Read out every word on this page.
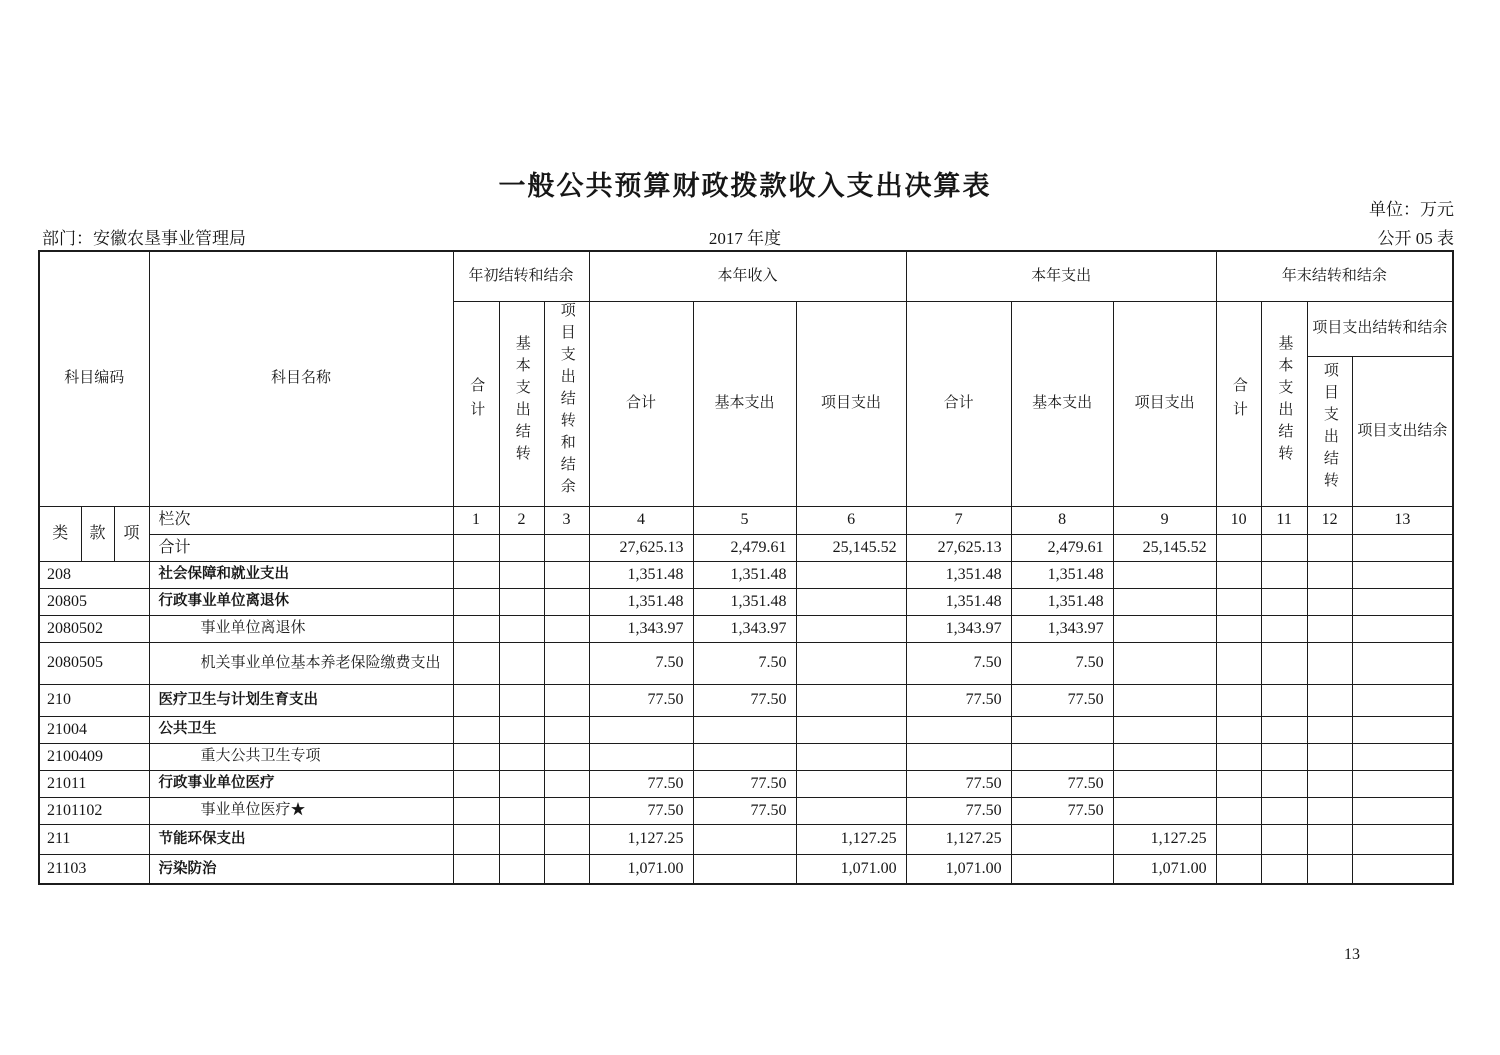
一般公共预算财政拨款收入支出决算表
单位：万元
部门：安徽农垦事业管理局	2017 年度	公开 05 表
13
科目编码			科目名称	年初结转和结余			本年收入			本年支出			年末结转和结余			
				合计	基本支出结转	项目支出结转和结余	合计	基本支出	项目支出	合计	基本支出	项目支出	合计	基本支出结转	项目支出结转和结余	
															项目支出结转	项目支出结余
类	款	项	栏次	1	2	3	4	5	6	7	8	9	10	11	12	13
			合计				27,625.13	2,479.61	25,145.52	27,625.13	2,479.61	25,145.52				
208			社会保障和就业支出				1,351.48	1,351.48		1,351.48	1,351.48					
20805			行政事业单位离退休				1,351.48	1,351.48		1,351.48	1,351.48					
2080502			事业单位离退休				1,343.97	1,343.97		1,343.97	1,343.97					
2080505			机关事业单位基本养老保险缴费支出				7.50	7.50		7.50	7.50					
210			医疗卫生与计划生育支出				77.50	77.50		77.50	77.50					
21004			公共卫生													
2100409			重大公共卫生专项													
21011			行政事业单位医疗				77.50	77.50		77.50	77.50					
2101102			事业单位医疗★				77.50	77.50		77.50	77.50					
211			节能环保支出				1,127.25		1,127.25	1,127.25		1,127.25				
21103			污染防治				1,071.00		1,071.00	1,071.00		1,071.00				
